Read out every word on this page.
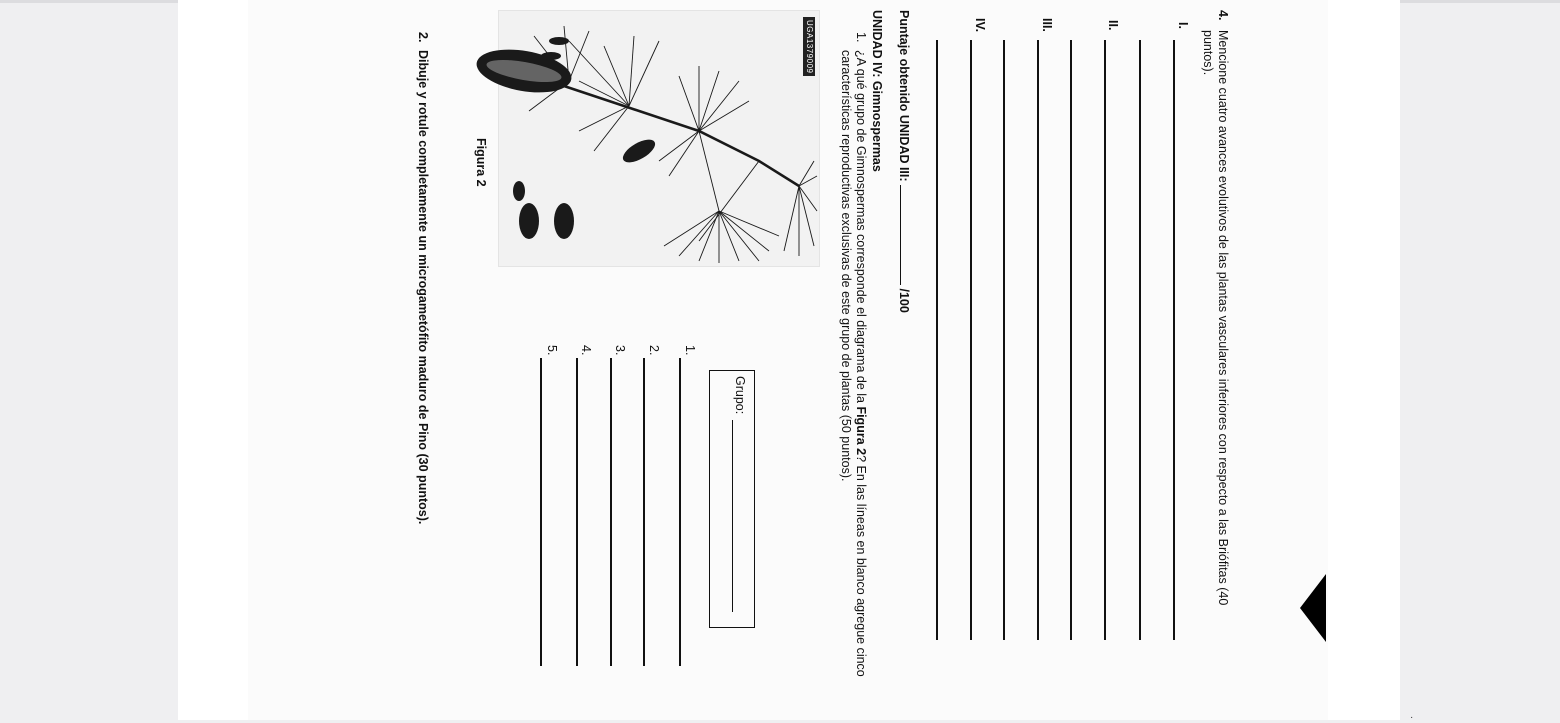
·
4.
Mencione cuatro avances evolutivos de las plantas vasculares inferiores con respecto a las Briófitas (40 puntos).
I.
II.
III.
IV.
Puntaje obtenido UNIDAD III:  /100
UNIDAD IV: Gimnospermas
1.
¿A qué grupo de Gimnospermas corresponde el diagrama de la Figura 2? En las líneas en blanco agregue cinco características reproductivas exclusivas de este grupo de plantas (50 puntos).
UGA1379009
Figura 2
Grupo:
1.
2.
3.
4.
5.
2.
Dibuje y rotule completamente un microgametófito maduro de Pino (30 puntos).
